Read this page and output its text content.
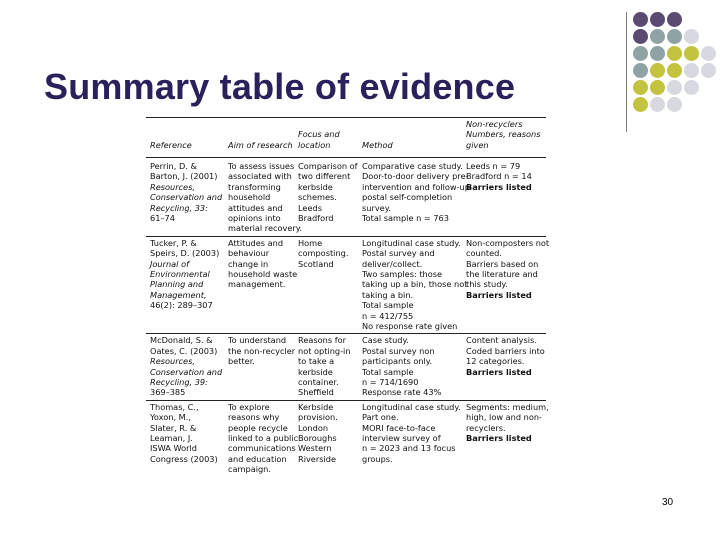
Summary table of evidence
Non-recyclers
Numbers, reasons
given
Focus and
location
Reference	Aim of research	Method
Perrin, D. &
Barton, J. (2001)
Resources,
Conservation and
Recycling, 33:
61–74
To assess issues
associated with
transforming
household
attitudes and
opinions into
material recovery.
Comparison of
two different
kerbside
schemes.
Leeds
Bradford
Comparative case study.
Door-to-door delivery pre-
intervention and follow-up
postal self-completion
survey.
Total sample n = 763
Leeds n = 79
Bradford n = 14
Barriers listed
Tucker, P. &
Speirs, D. (2003)
Journal of
Environmental
Planning and
Management,
46(2): 289–307
Attitudes and
behaviour
change in
household waste
management.
Home
composting.
Scotland
Longitudinal case study.
Postal survey and
deliver/collect.
Two samples: those
taking up a bin, those not
taking a bin.
Total sample
n = 412/755
No response rate given
Non-composters not
counted.
Barriers based on
the literature and
this study.
Barriers listed
McDonald, S. &
Oates, C. (2003)
Resources,
Conservation and
Recycling, 39:
369–385
To understand
the non-recycler
better.
Reasons for
not opting-in
to take a
kerbside
container.
Sheffield
Case study.
Postal survey non
participants only.
Total sample
n = 714/1690
Response rate 43%
Content analysis.
Coded barriers into
12 categories.
Barriers listed
Thomas, C.,
Yoxon, M.,
Slater, R. &
Leaman, J.
ISWA World
Congress (2003)
To explore
reasons why
people recycle
linked to a public
communications
and education
campaign.
Kerbside
provision.
London
Boroughs
Western
Riverside
Longitudinal case study.
Part one.
MORI face-to-face
interview survey of
n = 2023 and 13 focus
groups.
Segments: medium,
high, low and non-
recyclers.
Barriers listed
30
